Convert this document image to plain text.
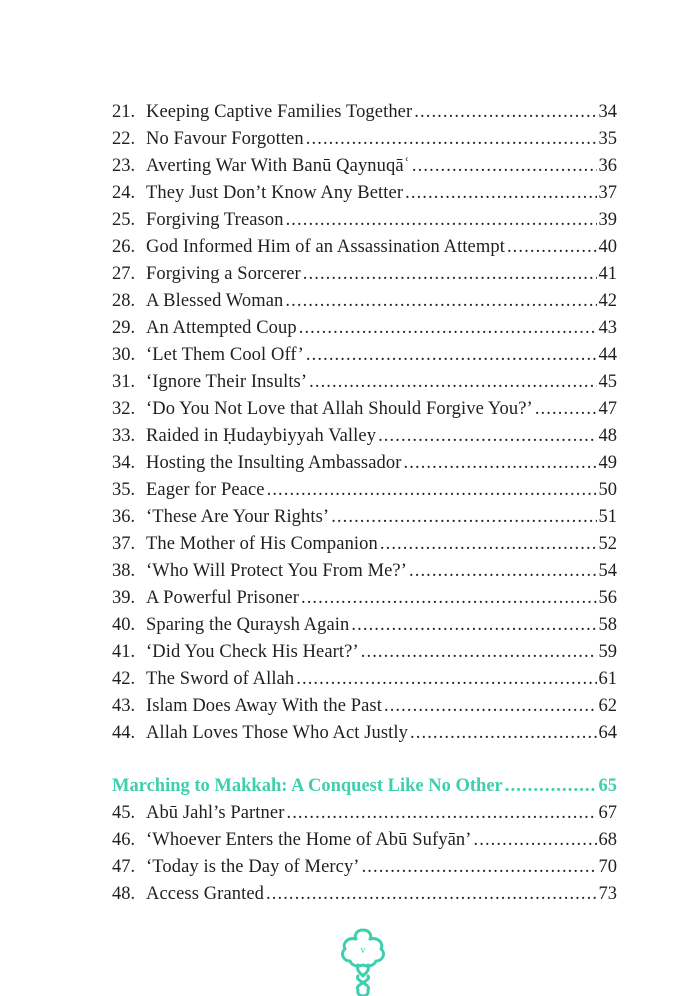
21. Keeping Captive Families Together .....	34
22. No Favour Forgotten .....	35
23. Averting War With Banū Qaynuqāʿ .....	36
24. They Just Don’t Know Any Better .....	37
25. Forgiving Treason .....	39
26. God Informed Him of an Assassination Attempt .....	40
27. Forgiving a Sorcerer .....	41
28. A Blessed Woman .....	42
29. An Attempted Coup .....	43
30. ‘Let Them Cool Off’ .....	44
31. ‘Ignore Their Insults’ .....	45
32. ‘Do You Not Love that Allah Should Forgive You?’ .....	47
33. Raided in Ḥudaybiyyah Valley .....	48
34. Hosting the Insulting Ambassador .....	49
35. Eager for Peace .....	50
36. ‘These Are Your Rights’ .....	51
37. The Mother of His Companion .....	52
38. ‘Who Will Protect You From Me?’ .....	54
39. A Powerful Prisoner .....	56
40. Sparing the Quraysh Again .....	58
41. ‘Did You Check His Heart?’ .....	59
42. The Sword of Allah .....	61
43. Islam Does Away With the Past .....	62
44. Allah Loves Those Who Act Justly .....	64
Marching to Makkah: A Conquest Like No Other .....	65
45. Abū Jahl’s Partner .....	67
46. ‘Whoever Enters the Home of Abū Sufyān’ .....	68
47. ‘Today is the Day of Mercy’ .....	70
48. Access Granted .....	73
v
